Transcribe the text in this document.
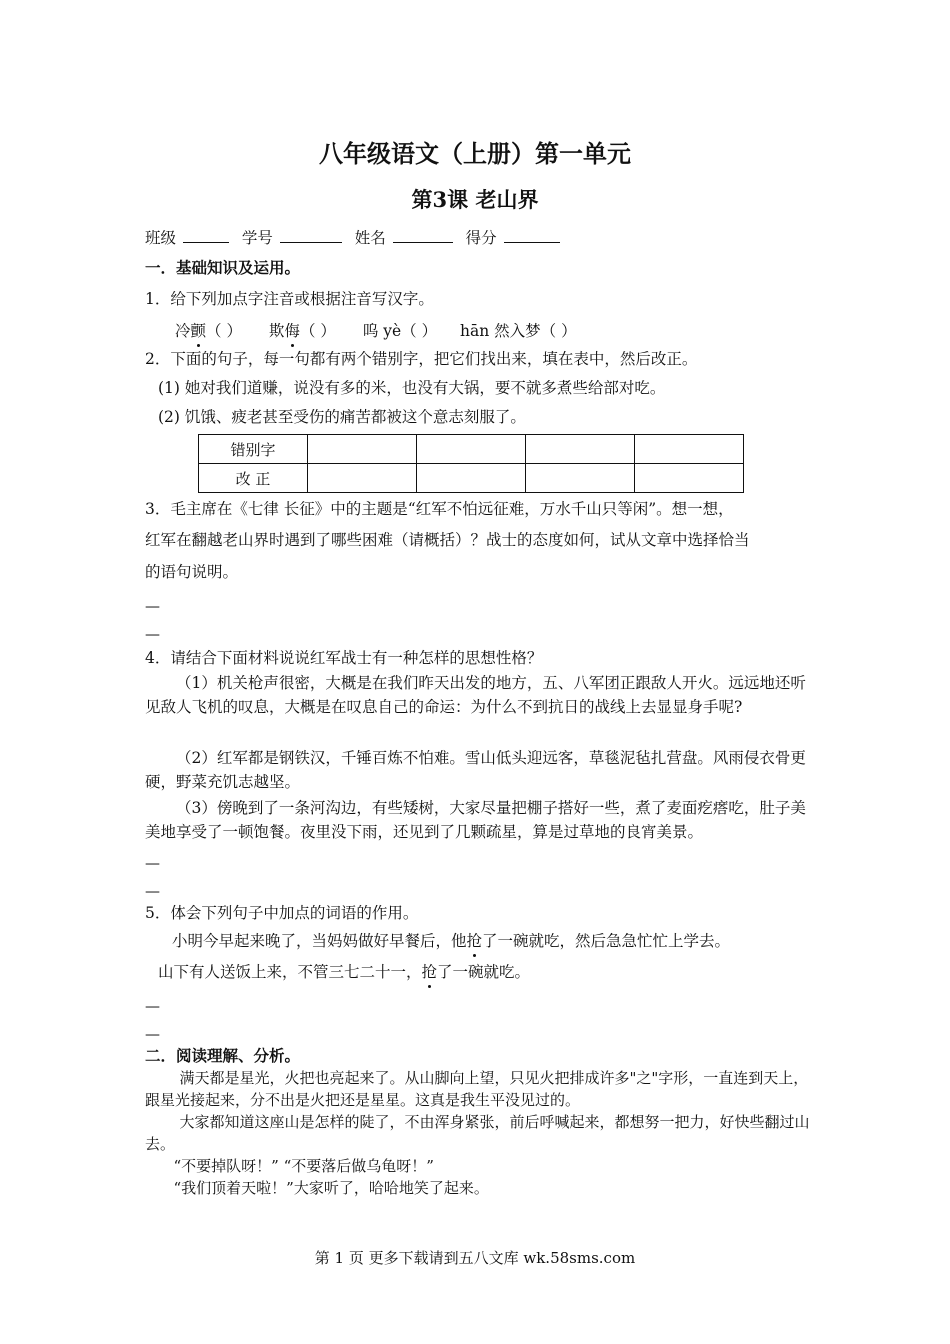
八年级语文（上册）第一单元
第3课 老山界
班级	学号	姓名	得分
一．基础知识及运用。
1．给下列加点字注音或根据注音写汉字。
冷颤（ ） 欺侮（ ） 呜 yè（ ） hān 然入梦（ ）
2．下面的句子，每一句都有两个错别字，把它们找出来，填在表中，然后改正。
(1) 她对我们道赚，说没有多的米，也没有大锅，要不就多煮些给部对吃。
(2) 饥饿、疲老甚至受伤的痛苦都被这个意志刻服了。
错别字				
改 正				
3．毛主席在《七律 长征》中的主题是“红军不怕远征难，万水千山只等闲”。想一想，
红军在翻越老山界时遇到了哪些困难（请概括）？战士的态度如何，试从文章中选择恰当
的语句说明。
—
—
4．请结合下面材料说说红军战士有一种怎样的思想性格？
（1）机关枪声很密，大概是在我们昨天出发的地方，五、八军团正跟敌人开火。远远地还听见敌人飞机的叹息，大概是在叹息自己的命运：为什么不到抗日的战线上去显显身手呢?
（2）红军都是钢铁汉，千锤百炼不怕难。雪山低头迎远客，草毯泥毡扎营盘。风雨侵衣骨更硬，野菜充饥志越坚。
（3）傍晚到了一条河沟边，有些矮树，大家尽量把棚子搭好一些，煮了麦面疙瘩吃，肚子美美地享受了一顿饱餐。夜里没下雨，还见到了几颗疏星，算是过草地的良宵美景。
—
—
5．体会下列句子中加点的词语的作用。
小明今早起来晚了，当妈妈做好早餐后，他抢了一碗就吃，然后急急忙忙上学去。
山下有人送饭上来，不管三七二十一，抢了一碗就吃。
—
—
二．阅读理解、分析。
满天都是星光，火把也亮起来了。从山脚向上望，只见火把排成许多"之"字形，一直连到天上，跟星光接起来，分不出是火把还是星星。这真是我生平没见过的。
大家都知道这座山是怎样的陡了，不由浑身紧张，前后呼喊起来，都想努一把力，好快些翻过山去。
“不要掉队呀！” “不要落后做乌龟呀！”
“我们顶着天啦！”大家听了，哈哈地笑了起来。
第 1 页 更多下载请到五八文库 wk.58sms.com
